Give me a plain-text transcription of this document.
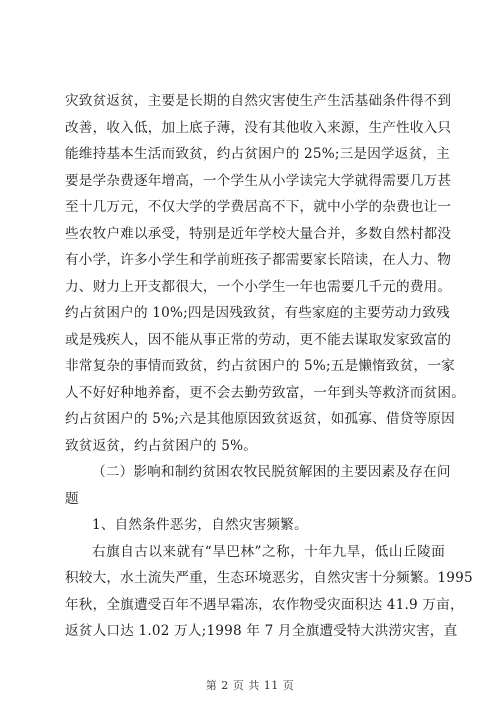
灾致贫返贫，主要是长期的自然灾害使生产生活基础条件得不到
改善，收入低，加上底子薄，没有其他收入来源，生产性收入只
能维持基本生活而致贫，约占贫困户的 25%;三是因学返贫，主
要是学杂费逐年增高，一个学生从小学读完大学就得需要几万甚
至十几万元，不仅大学的学费居高不下，就中小学的杂费也让一
些农牧户难以承受，特别是近年学校大量合并，多数自然村都没
有小学，许多小学生和学前班孩子都需要家长陪读，在人力、物
力、财力上开支都很大，一个小学生一年也需要几千元的费用。
约占贫困户的 10%;四是因残致贫，有些家庭的主要劳动力致残
或是残疾人，因不能从事正常的劳动，更不能去谋取发家致富的
非常复杂的事情而致贫，约占贫困户的 5%;五是懒惰致贫，一家
人不好好种地养畜，更不会去勤劳致富，一年到头等救济而贫困。
约占贫困户的 5%;六是其他原因致贫返贫，如孤寡、借贷等原因
致贫返贫，约占贫困户的 5%。
（二）影响和制约贫困农牧民脱贫解困的主要因素及存在问
题
1、自然条件恶劣，自然灾害频繁。
右旗自古以来就有“旱巴林”之称，十年九旱，低山丘陵面
积较大，水土流失严重，生态环境恶劣，自然灾害十分频繁。1995
年秋，全旗遭受百年不遇早霜冻，农作物受灾面积达 41.9 万亩，
返贫人口达 1.02 万人;1998 年 7 月全旗遭受特大洪涝灾害，直
第 2 页 共 11 页
